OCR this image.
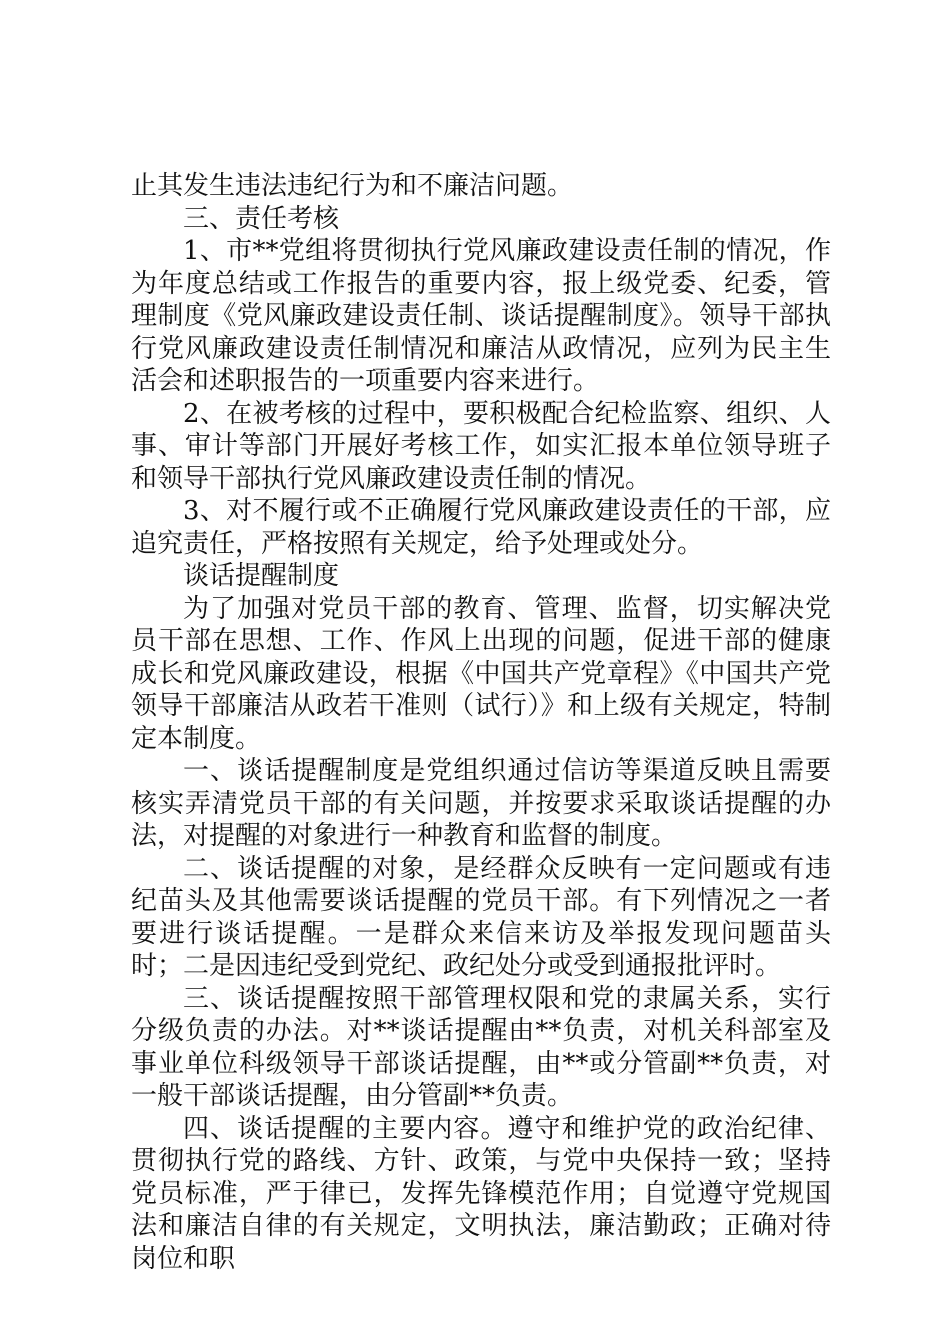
止其发生违法违纪行为和不廉洁问题。

三、责任考核

1、市**党组将贯彻执行党风廉政建设责任制的情况，作为年度总结或工作报告的重要内容，报上级党委、纪委，管理制度《党风廉政建设责任制、谈话提醒制度》。领导干部执行党风廉政建设责任制情况和廉洁从政情况，应列为民主生活会和述职报告的一项重要内容来进行。

2、在被考核的过程中，要积极配合纪检监察、组织、人事、审计等部门开展好考核工作，如实汇报本单位领导班子和领导干部执行党风廉政建设责任制的情况。

3、对不履行或不正确履行党风廉政建设责任的干部，应追究责任，严格按照有关规定，给予处理或处分。

谈话提醒制度

为了加强对党员干部的教育、管理、监督，切实解决党员干部在思想、工作、作风上出现的问题，促进干部的健康成长和党风廉政建设，根据《中国共产党章程》《中国共产党领导干部廉洁从政若干准则（试行）》和上级有关规定，特制定本制度。

一、谈话提醒制度是党组织通过信访等渠道反映且需要核实弄清党员干部的有关问题，并按要求采取谈话提醒的办法，对提醒的对象进行一种教育和监督的制度。

二、谈话提醒的对象，是经群众反映有一定问题或有违纪苗头及其他需要谈话提醒的党员干部。有下列情况之一者要进行谈话提醒。一是群众来信来访及举报发现问题苗头时；二是因违纪受到党纪、政纪处分或受到通报批评时。

三、谈话提醒按照干部管理权限和党的隶属关系，实行分级负责的办法。对**谈话提醒由**负责，对机关科部室及事业单位科级领导干部谈话提醒，由**或分管副**负责，对一般干部谈话提醒，由分管副**负责。

四、谈话提醒的主要内容。遵守和维护党的政治纪律、贯彻执行党的路线、方针、政策，与党中央保持一致；坚持党员标准，严于律已，发挥先锋模范作用；自觉遵守党规国法和廉洁自律的有关规定，文明执法，廉洁勤政；正确对待岗位和职
